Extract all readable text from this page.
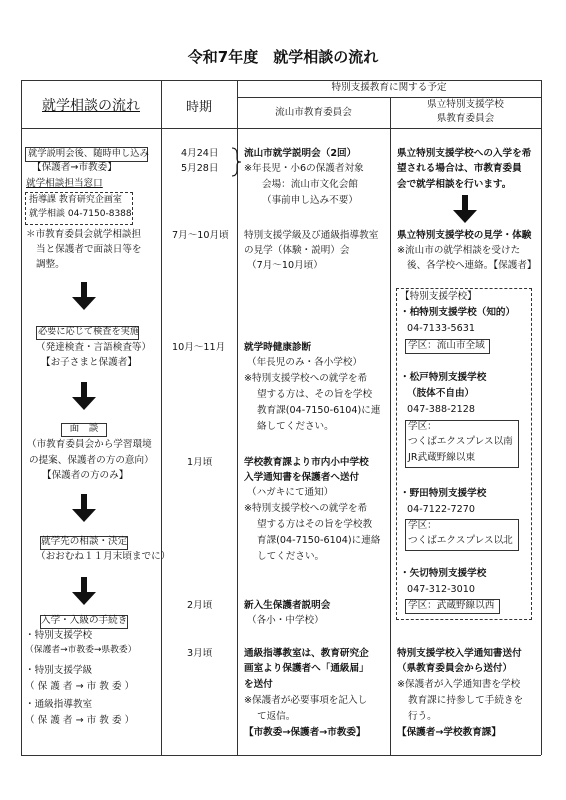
令和7年度　就学相談の流れ
就学相談の流れ	時期
特別支援教育に関する予定
流山市教育委員会
県立特別支援学校
県教育委員会
就学説明会後、随時申し込み
【保護者→市教委】
就学相談担当窓口
指導課 教育研究企画室
就学相談 04-7150-8388
＊市教育委員会就学相談担
当と保護者で面談日等を
調整。
必要に応じて検査を実施
（発達検査・言語検査等）
【お子さまと保護者】
面　談
（市教育委員会から学習環境
の提案、保護者の方の意向）
【保護者の方のみ】
就学先の相談・決定
（おおむね１１月末頃までに）
入学・入級の手続き
・特別支援学校
（保護者→市教委→県教委）
・特別支援学級
（ 保 護 者 → 市 教 委 ）
・通級指導教室
（ 保 護 者 → 市 教 委 ）
4月24日
5月28日
7月～10月頃
10月～11月
1月頃
2月頃
3月頃
流山市就学説明会（2回）
※年長児・小6の保護者対象
会場：流山市文化会館
（事前申し込み不要）
特別支援学級及び通級指導教室
の見学（体験・説明）会
（7月～10月頃）
就学時健康診断
（年長児のみ・各小学校）
※特別支援学校への就学を希
望する方は、その旨を学校
教育課(04-7150-6104)に連
絡してください。
学校教育課より市内小中学校
入学通知書を保護者へ送付
（ハガキにて通知）
※特別支援学校への就学を希
望する方はその旨を学校教
育課(04-7150-6104)に連絡
してください。
新入生保護者説明会
（各小・中学校）
通級指導教室は、教育研究企
画室より保護者へ「通級届」
を送付
※保護者が必要事項を記入し
て返信。
【市教委→保護者→市教委】
県立特別支援学校への入学を希
望される場合は、市教育委員
会で就学相談を行います。
県立特別支援学校の見学・体験
※流山市の就学相談を受けた
後、各学校へ連絡。【保護者】
【特別支援学校】
・柏特別支援学校（知的）
04-7133-5631
学区：流山市全域
・松戸特別支援学校
（肢体不自由）
047-388-2128
学区：
つくばエクスプレス以南
JR武蔵野線以東
・野田特別支援学校
04-7122-7270
学区：
つくばエクスプレス以北
・矢切特別支援学校
047-312-3010
学区：武蔵野線以西
特別支援学校入学通知書送付
（県教育委員会から送付）
※保護者が入学通知書を学校
教育課に持参して手続きを
行う。
【保護者→学校教育課】
